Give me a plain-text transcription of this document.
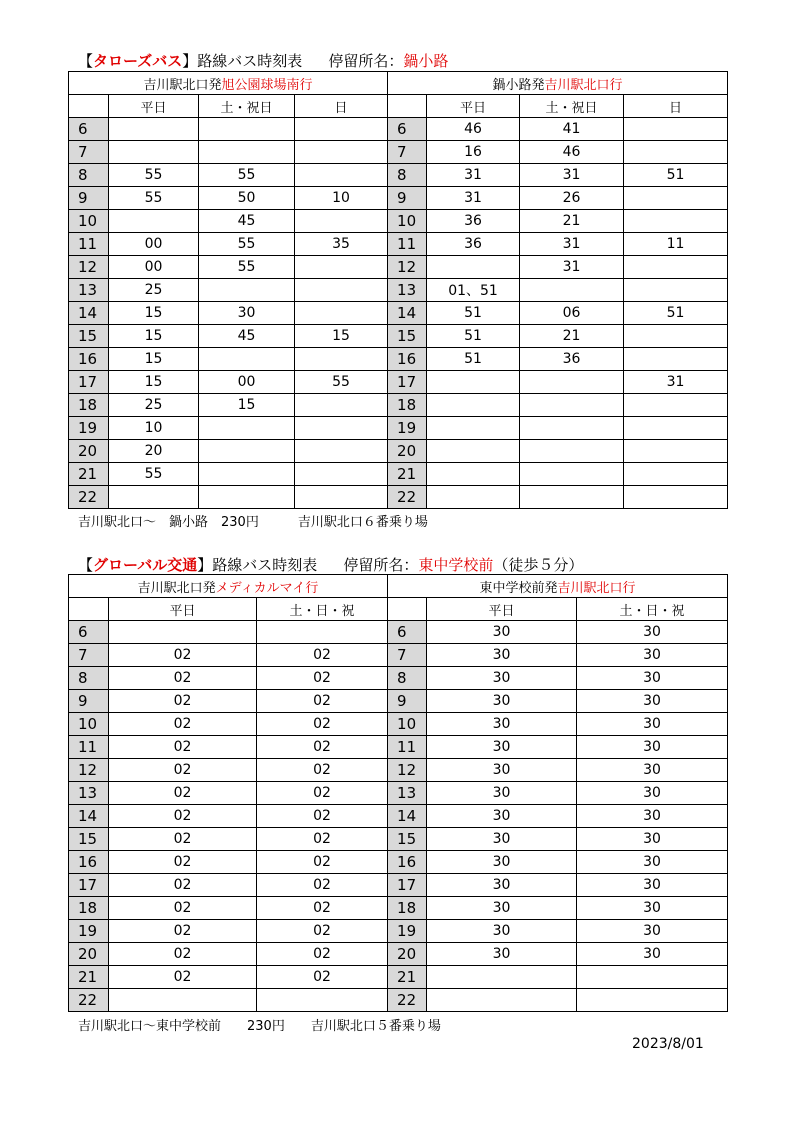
【タローズバス】路線バス時刻表 停留所名：鍋小路
吉川駅北口発旭公園球場南行				鍋小路発吉川駅北口行			
	平日	土・祝日	日		平日	土・祝日	日
6				6	46	41	
7				7	16	46	
8	55	55		8	31	31	51
9	55	50	10	9	31	26	
10		45		10	36	21	
11	00	55	35	11	36	31	11
12	00	55		12		31	
13	25			13	01、51		
14	15	30		14	51	06	51
15	15	45	15	15	51	21	
16	15			16	51	36	
17	15	00	55	17			31
18	25	15		18			
19	10			19			
20	20			20			
21	55			21			
22				22			
吉川駅北口～　鍋小路　230円　　　吉川駅北口６番乗り場
【グローバル交通】路線バス時刻表 停留所名：東中学校前（徒歩５分）
吉川駅北口発メディカルマイ行			東中学校前発吉川駅北口行		
	平日	土・日・祝		平日	土・日・祝
6			6	30	30
7	02	02	7	30	30
8	02	02	8	30	30
9	02	02	9	30	30
10	02	02	10	30	30
11	02	02	11	30	30
12	02	02	12	30	30
13	02	02	13	30	30
14	02	02	14	30	30
15	02	02	15	30	30
16	02	02	16	30	30
17	02	02	17	30	30
18	02	02	18	30	30
19	02	02	19	30	30
20	02	02	20	30	30
21	02	02	21		
22			22		
吉川駅北口～東中学校前　　230円　　吉川駅北口５番乗り場
2023/8/01
